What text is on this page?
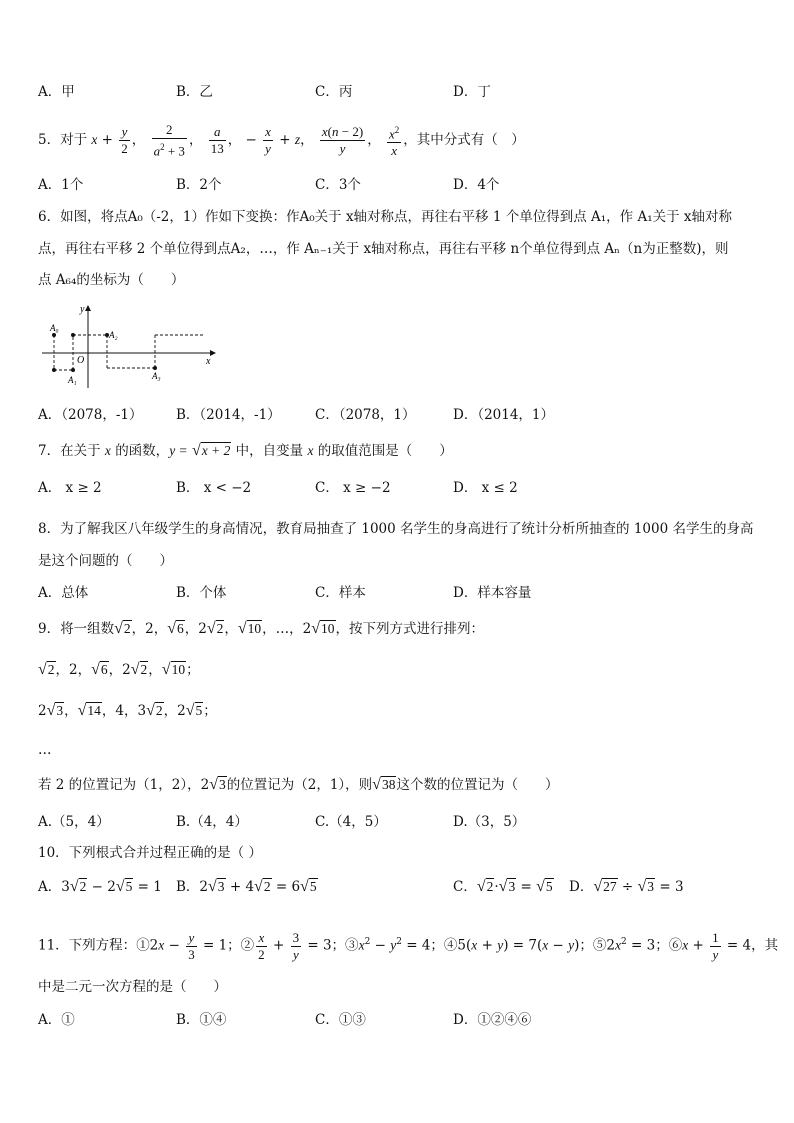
A．甲	B．乙	C．丙	D．丁
5．对于 $x + \frac{y}{2}$ ， $\frac{2}{a^2 + 3}$ ， $\frac{a}{13}$ ， − $\frac{x}{y} + z$， $\frac{x(n - 2)}{y}$ ， $\frac{x^2}{x}$ ，其中分式有（　）
A．1个	B．2个	C．3个	D．4个
6．如图，将点A₀（-2，1）作如下变换：作A₀关于 x轴对称点，再往右平移 1 个单位得到点 A₁，作 A₁关于 x轴对称
点，再往右平移 2 个单位得到点A₂，…，作 Aₙ₋₁关于 x轴对称点，再往右平移 n个单位得到点 Aₙ（n为正整数)，则
点 A₆₄的坐标为（　　）
y
A₀
A₂
O	x
A₁	A₃
A．（2078，-1） B．（2014，-1）	C．（2078，1）	D．（2014，1）
7．在关于 x 的函数，y = √x + 2 中，自变量 x 的取值范围是（　　）
A． x ≥ 2	B． x < −2	C． x ≥ −2	D． x ≤ 2
8．为了解我区八年级学生的身高情况，教育局抽查了 1000 名学生的身高进行了统计分析所抽查的 1000 名学生的身高
是这个问题的（　　）
A．总体	B．个体	C．样本	D．样本容量
9．将一组数√2，2，√6，2√2，√10，…，2√10，按下列方式进行排列：
√2，2，√6，2√2，√10；
2√3，√14，4，3√2，2√5；
…
若 2 的位置记为（1，2），2√3的位置记为（2，1），则√38这个数的位置记为（　　）
A.（5，4）	B.（4，4）	C.（4，5）	D.（3，5）
10．下列根式合并过程正确的是（ ）
A．3√2 − 2√5 = 1 B．2√3 + 4√2 = 6√5	C．√2·√3 = √5 D．√27 ÷ √3 = 3
11．下列方程：①2x − $\frac{y}{3} = 1$；② $\frac{x}{2} + \frac{3}{y} = 3$；$③x^2 - y^2 = 4$；④5(x + y) = 7(x − y)；$⑤2x^2 = 3$；⑥x + $\frac{1}{y} = 4$，其
中是二元一次方程的是（　　）
A．①	B．①④	C．①③	D．①②④⑥
